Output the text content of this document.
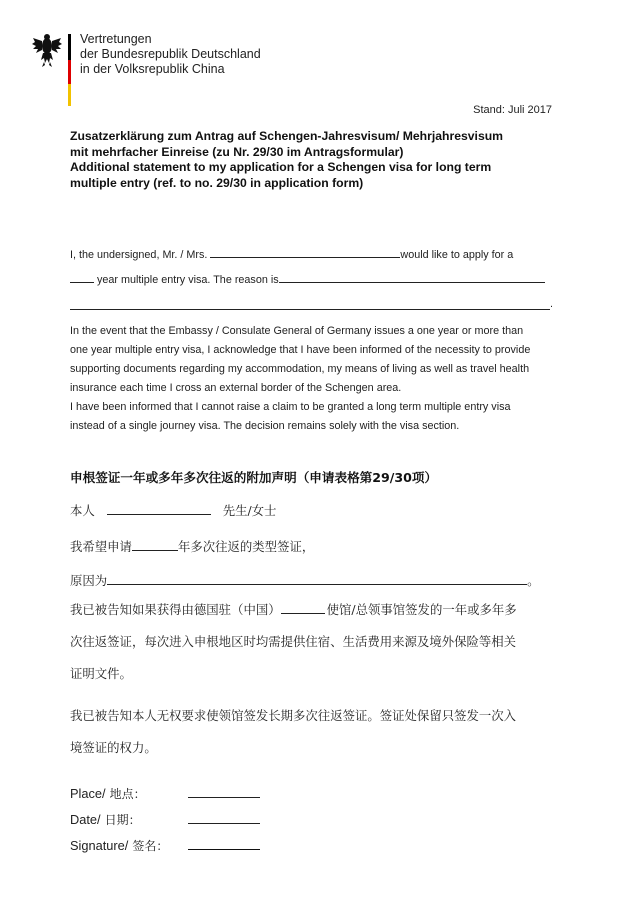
Vertretungen
der Bundesrepublik Deutschland
in der Volksrepublik China
Stand: Juli 2017
Zusatzerklärung zum Antrag auf Schengen-Jahresvisum/ Mehrjahresvisum
mit mehrfacher Einreise (zu Nr. 29/30 im Antragsformular)
Additional statement to my application for a Schengen visa for long term
multiple entry (ref. to no. 29/30 in application form)
I, the undersigned, Mr. / Mrs.	would like to apply for a
year multiple entry visa. The reason is
.
In the event that the Embassy / Consulate General of Germany issues a one year or more than
one year multiple entry visa, I acknowledge that I have been informed of the necessity to provide
supporting documents regarding my accommodation, my means of living as well as travel health
insurance each time I cross an external border of the Schengen area.
I have been informed that I cannot raise a claim to be granted a long term multiple entry visa
instead of a single journey visa. The decision remains solely with the visa section.
申根签证一年或多年多次往返的附加声明（申请表格第29/30项）
本人	先生/女士
我希望申请	年多次往返的类型签证，
原因为	。
我已被告知如果获得由德国驻（中国）	使馆/总领事馆签发的一年或多年多
次往返签证，每次进入申根地区时均需提供住宿、生活费用来源及境外保险等相关
证明文件。
我已被告知本人无权要求使领馆签发长期多次往返签证。签证处保留只签发一次入
境签证的权力。
Place/ 地点：
Date/ 日期：
Signature/ 签名：
